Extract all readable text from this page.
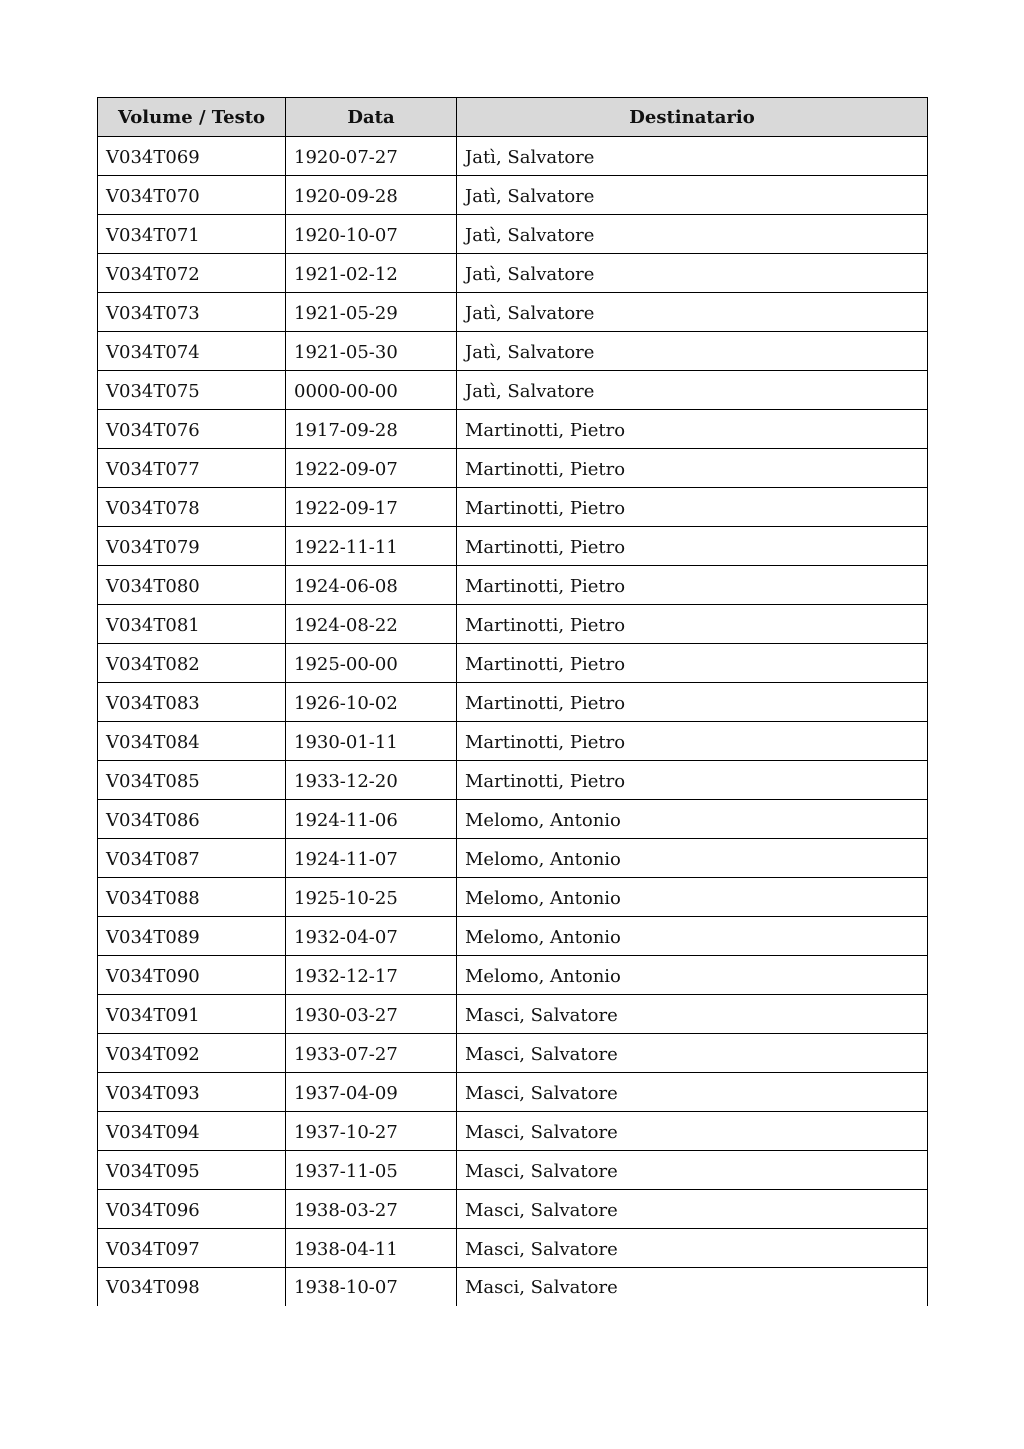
Volume / Testo	Data	Destinatario
V034T069	1920-07-27	Jatì, Salvatore
V034T070	1920-09-28	Jatì, Salvatore
V034T071	1920-10-07	Jatì, Salvatore
V034T072	1921-02-12	Jatì, Salvatore
V034T073	1921-05-29	Jatì, Salvatore
V034T074	1921-05-30	Jatì, Salvatore
V034T075	0000-00-00	Jatì, Salvatore
V034T076	1917-09-28	Martinotti, Pietro
V034T077	1922-09-07	Martinotti, Pietro
V034T078	1922-09-17	Martinotti, Pietro
V034T079	1922-11-11	Martinotti, Pietro
V034T080	1924-06-08	Martinotti, Pietro
V034T081	1924-08-22	Martinotti, Pietro
V034T082	1925-00-00	Martinotti, Pietro
V034T083	1926-10-02	Martinotti, Pietro
V034T084	1930-01-11	Martinotti, Pietro
V034T085	1933-12-20	Martinotti, Pietro
V034T086	1924-11-06	Melomo, Antonio
V034T087	1924-11-07	Melomo, Antonio
V034T088	1925-10-25	Melomo, Antonio
V034T089	1932-04-07	Melomo, Antonio
V034T090	1932-12-17	Melomo, Antonio
V034T091	1930-03-27	Masci, Salvatore
V034T092	1933-07-27	Masci, Salvatore
V034T093	1937-04-09	Masci, Salvatore
V034T094	1937-10-27	Masci, Salvatore
V034T095	1937-11-05	Masci, Salvatore
V034T096	1938-03-27	Masci, Salvatore
V034T097	1938-04-11	Masci, Salvatore
V034T098	1938-10-07	Masci, Salvatore
